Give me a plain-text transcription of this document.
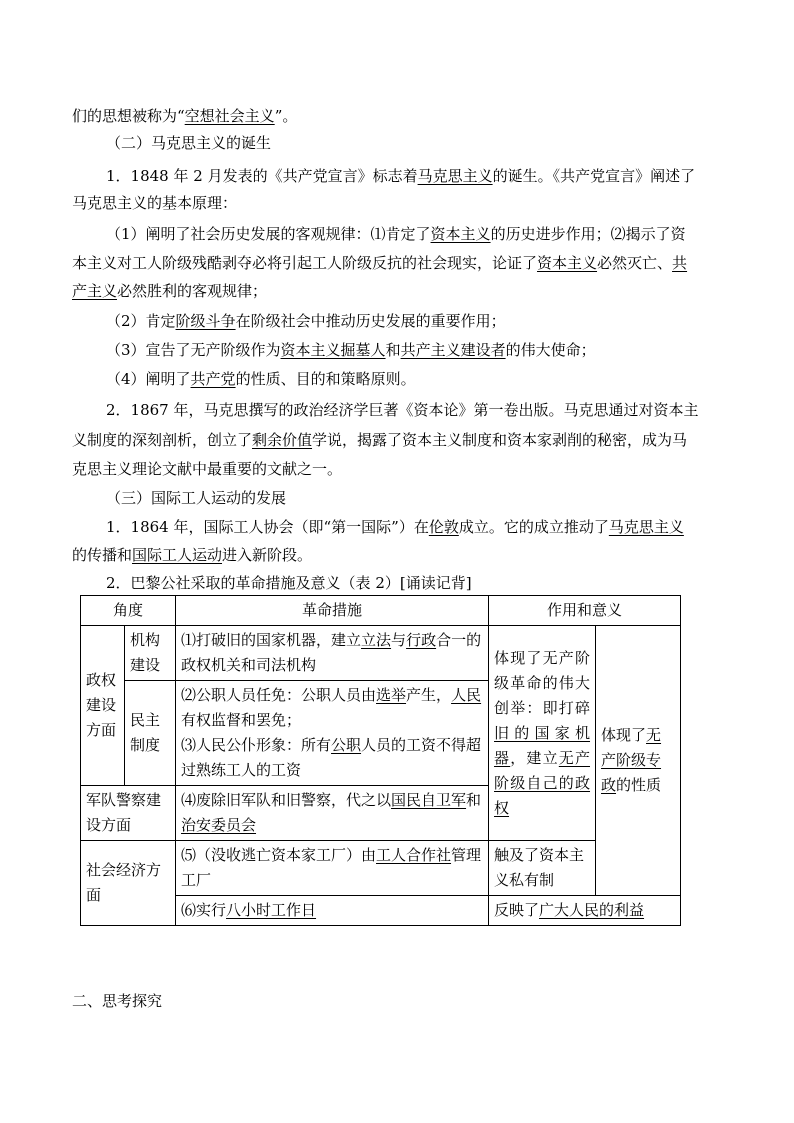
们的思想被称为“空想社会主义”。
（二）马克思主义的诞生
1．1848 年 2 月发表的《共产党宣言》标志着马克思主义的诞生。《共产党宣言》阐述了
马克思主义的基本原理：
（1）阐明了社会历史发展的客观规律：⑴肯定了资本主义的历史进步作用；⑵揭示了资
本主义对工人阶级残酷剥夺必将引起工人阶级反抗的社会现实，论证了资本主义必然灭亡、共
产主义必然胜利的客观规律；
（2）肯定阶级斗争在阶级社会中推动历史发展的重要作用；
（3）宣告了无产阶级作为资本主义掘墓人和共产主义建设者的伟大使命；
（4）阐明了共产党的性质、目的和策略原则。
2．1867 年，马克思撰写的政治经济学巨著《资本论》第一卷出版。马克思通过对资本主
义制度的深刻剖析，创立了剩余价值学说，揭露了资本主义制度和资本家剥削的秘密，成为马
克思主义理论文献中最重要的文献之一。
（三）国际工人运动的发展
1．1864 年，国际工人协会（即“第一国际”）在伦敦成立。它的成立推动了马克思主义
的传播和国际工人运动进入新阶段。
2．巴黎公社采取的革命措施及意义（表 2）[诵读记背]
角度		革命措施	作用和意义	
政权建设方面	机构建设	⑴打破旧的国家机器，建立立法与行政合一的政权机关和司法机构	体现了无产阶级革命的伟大创举：即打碎旧的国家机器，建立无产阶级自己的政权	体现了无产阶级专政的性质
	民主制度	⑵公职人员任免：公职人员由选举产生，人民有权监督和罢免；
⑶人民公仆形象：所有公职人员的工资不得超过熟练工人的工资		
军队警察建设方面		⑷废除旧军队和旧警察，代之以国民自卫军和治安委员会		
社会经济方面		⑸（没收逃亡资本家工厂）由工人合作社管理工厂	触及了资本主义私有制	
		⑹实行八小时工作日	反映了广大人民的利益	
二、思考探究
